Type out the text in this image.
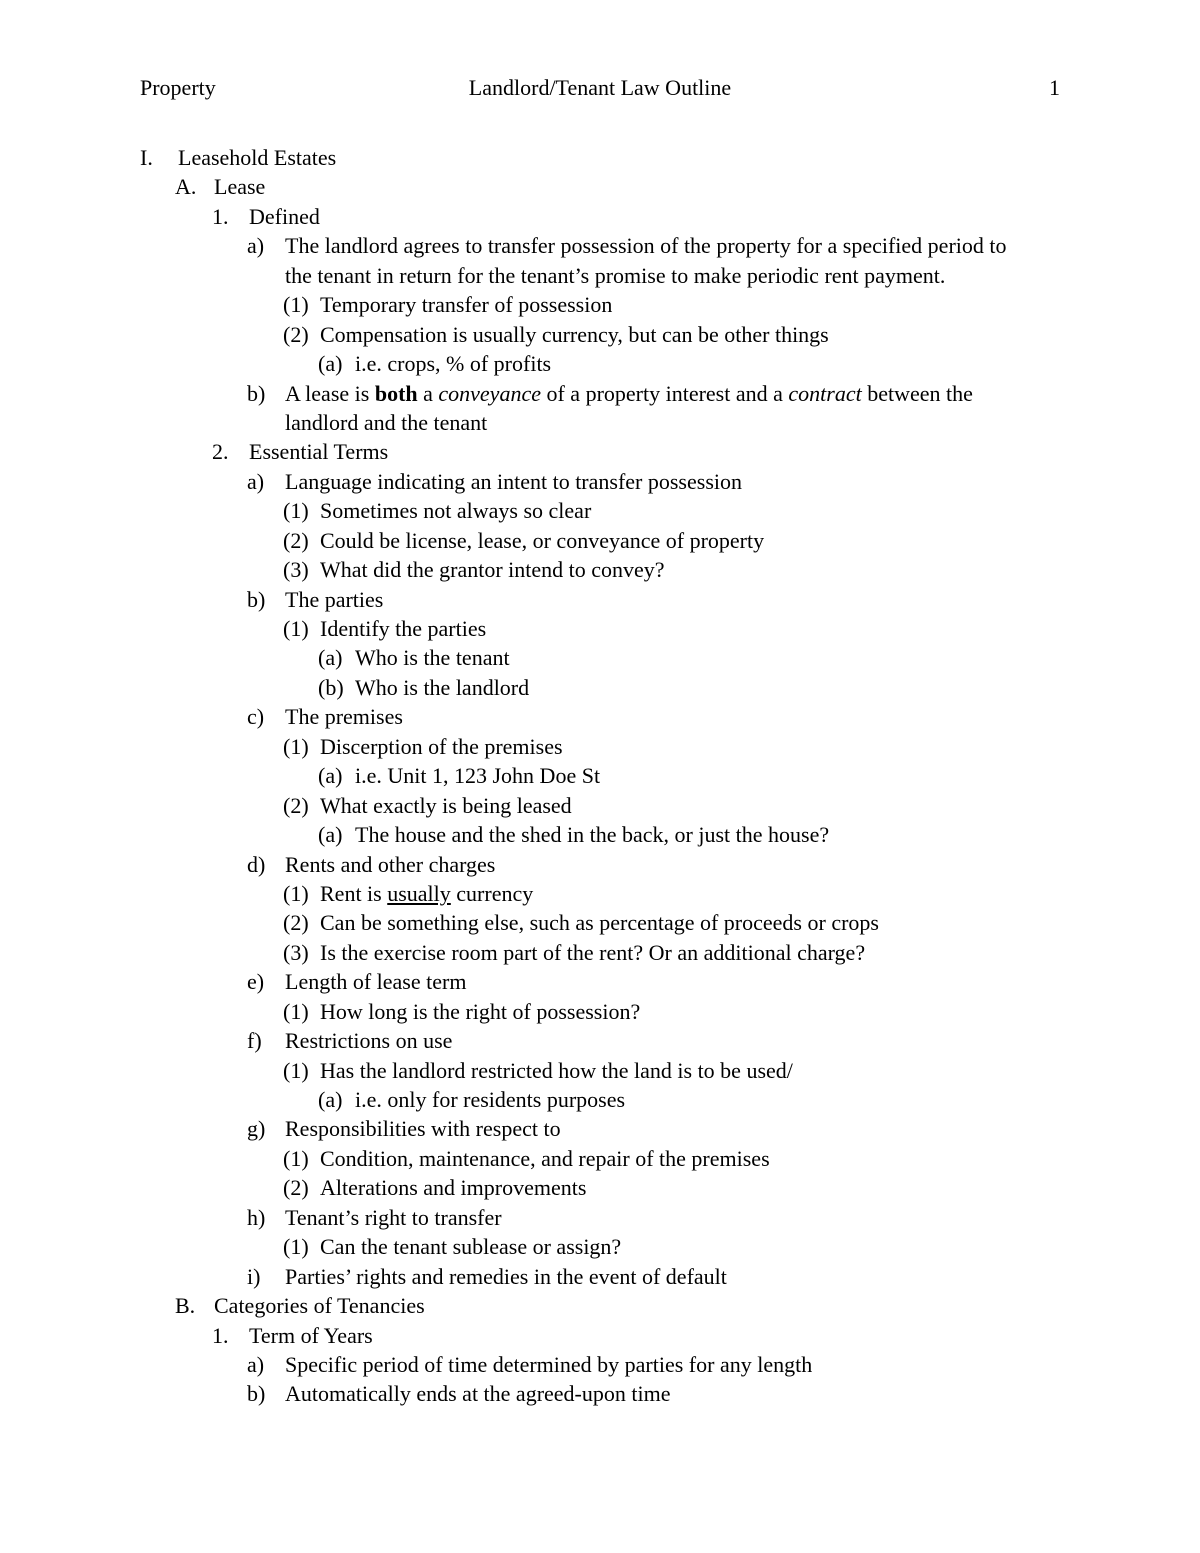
Property	Landlord/Tenant Law Outline	1
I. Leasehold Estates
A. Lease
1. Defined
a) The landlord agrees to transfer possession of the property for a specified period to
the tenant in return for the tenant’s promise to make periodic rent payment.
(1) Temporary transfer of possession
(2) Compensation is usually currency, but can be other things
(a) i.e. crops, % of profits
b) A lease is both a conveyance of a property interest and a contract between the
landlord and the tenant
2. Essential Terms
a) Language indicating an intent to transfer possession
(1) Sometimes not always so clear
(2) Could be license, lease, or conveyance of property
(3) What did the grantor intend to convey?
b) The parties
(1) Identify the parties
(a) Who is the tenant
(b) Who is the landlord
c) The premises
(1) Discerption of the premises
(a) i.e. Unit 1, 123 John Doe St
(2) What exactly is being leased
(a) The house and the shed in the back, or just the house?
d) Rents and other charges
(1) Rent is usually currency
(2) Can be something else, such as percentage of proceeds or crops
(3) Is the exercise room part of the rent? Or an additional charge?
e) Length of lease term
(1) How long is the right of possession?
f) Restrictions on use
(1) Has the landlord restricted how the land is to be used/
(a) i.e. only for residents purposes
g) Responsibilities with respect to
(1) Condition, maintenance, and repair of the premises
(2) Alterations and improvements
h) Tenant’s right to transfer
(1) Can the tenant sublease or assign?
i) Parties’ rights and remedies in the event of default
B. Categories of Tenancies
1. Term of Years
a) Specific period of time determined by parties for any length
b) Automatically ends at the agreed-upon time
